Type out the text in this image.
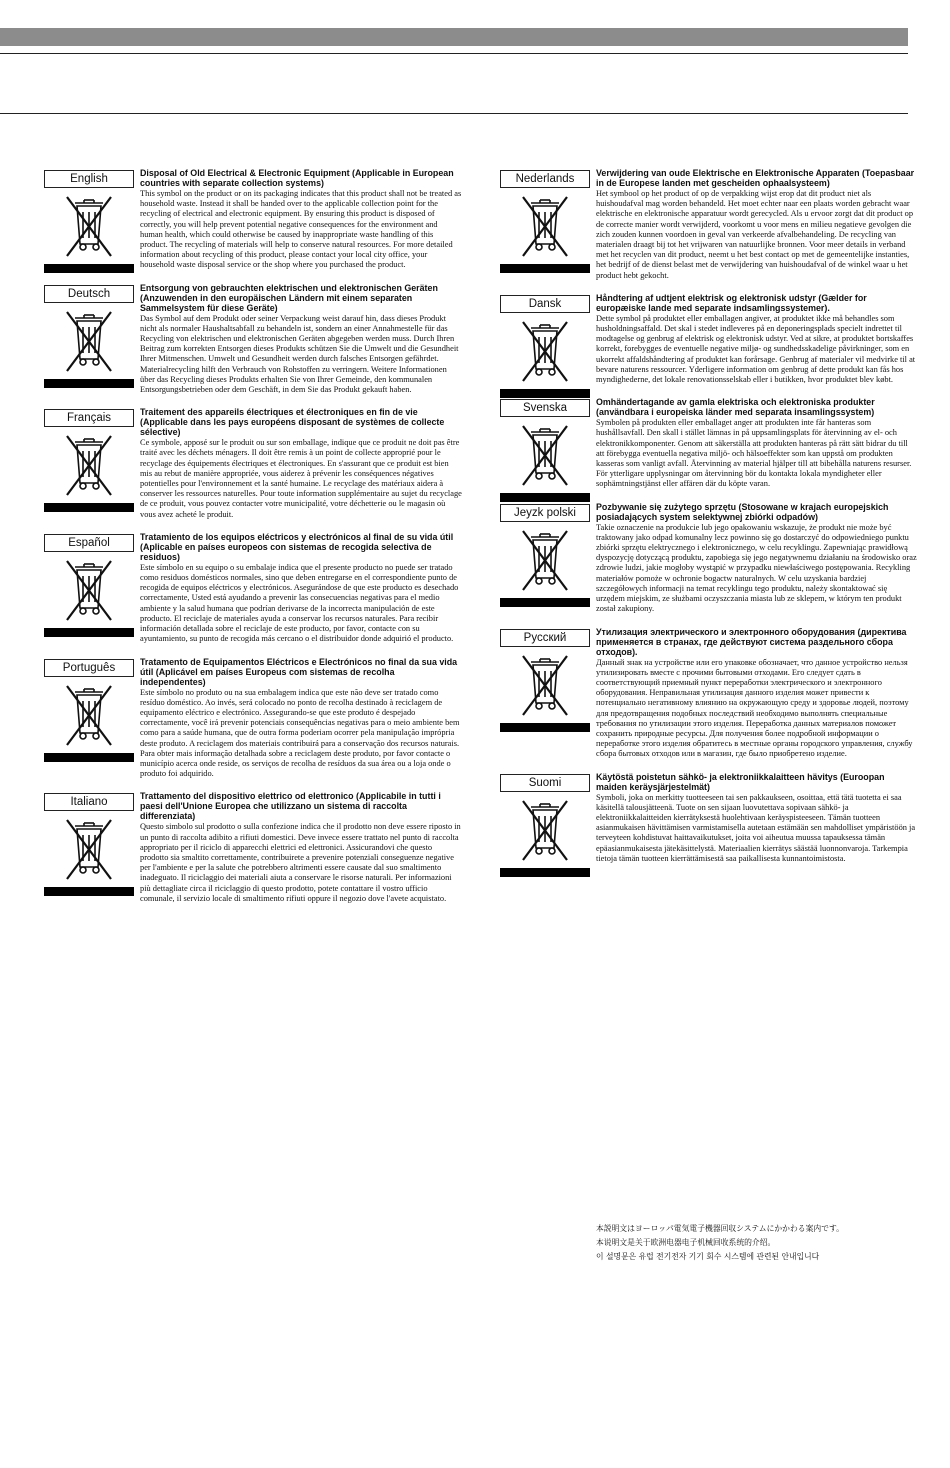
English	Disposal of Old Electrical & Electronic Equipment (Applicable in European countries with separate collection systems)

This symbol on the product or on its packaging indicates that this product shall not be treated as household waste. Instead it shall be handed over to the applicable collection point for the recycling of electrical and electronic equipment. By ensuring this product is disposed of correctly, you will help prevent potential negative consequences for the environment and human health, which could otherwise be caused by inappropriate waste handling of this product. The recycling of materials will help to conserve natural resources. For more detailed information about recycling of this product, please contact your local city office, your household waste disposal service or the shop where you purchased the product.

Deutsch	Entsorgung von gebrauchten elektrischen und elektronischen Geräten (Anzuwenden in den europäischen Ländern mit einem separaten Sammelsystem für diese Geräte)

Das Symbol auf dem Produkt oder seiner Verpackung weist darauf hin, dass dieses Produkt nicht als normaler Haushaltsabfall zu behandeln ist, sondern an einer Annahmestelle für das Recycling von elektrischen und elektronischen Geräten abgegeben werden muss. Durch Ihren Beitrag zum korrekten Entsorgen dieses Produkts schützen Sie die Umwelt und die Gesundheit Ihrer Mitmenschen. Umwelt und Gesundheit werden durch falsches Entsorgen gefährdet. Materialrecycling hilft den Verbrauch von Rohstoffen zu verringern. Weitere Informationen über das Recycling dieses Produkts erhalten Sie von Ihrer Gemeinde, den kommunalen Entsorgungsbetrieben oder dem Geschäft, in dem Sie das Produkt gekauft haben.

Français	Traitement des appareils électriques et électroniques en fin de vie (Applicable dans les pays européens disposant de systèmes de collecte sélective)

Ce symbole, apposé sur le produit ou sur son emballage, indique que ce produit ne doit pas être traité avec les déchets ménagers. Il doit être remis à un point de collecte approprié pour le recyclage des équipements électriques et électroniques. En s'assurant que ce produit est bien mis au rebut de manière appropriée, vous aiderez à prévenir les conséquences négatives potentielles pour l'environnement et la santé humaine. Le recyclage des matériaux aidera à conserver les ressources naturelles. Pour toute information supplémentaire au sujet du recyclage de ce produit, vous pouvez contacter votre municipalité, votre déchetterie ou le magasin où vous avez acheté le produit.

Español	Tratamiento de los equipos eléctricos y electrónicos al final de su vida útil (Aplicable en países europeos con sistemas de recogida selectiva de residuos)

Este símbolo en su equipo o su embalaje indica que el presente producto no puede ser tratado como residuos domésticos normales, sino que deben entregarse en el correspondiente punto de recogida de equipos eléctricos y electrónicos. Asegurándose de que este producto es desechado correctamente, Usted está ayudando a prevenir las consecuencias negativas para el medio ambiente y la salud humana que podrían derivarse de la incorrecta manipulación de este producto. El reciclaje de materiales ayuda a conservar los recursos naturales. Para recibir información detallada sobre el reciclaje de este producto, por favor, contacte con su ayuntamiento, su punto de recogida más cercano o el distribuidor donde adquirió el producto.

Português	Tratamento de Equipamentos Eléctricos e Electrónicos no final da sua vida útil (Aplicável em países Europeus com sistemas de recolha independentes)

Este símbolo no produto ou na sua embalagem indica que este não deve ser tratado como resíduo doméstico. Ao invés, será colocado no ponto de recolha destinado à reciclagem de equipamento eléctrico e electrónico. Assegurando-se que este produto é despejado correctamente, você irá prevenir potenciais consequências negativas para o meio ambiente bem como para a saúde humana, que de outra forma poderiam ocorrer pela manipulação imprópria deste produto. A reciclagem dos materiais contribuirá para a conservação dos recursos naturais. Para obter mais informação detalhada sobre a reciclagem deste produto, por favor contacte o município acerca onde reside, os serviços de recolha de resíduos da sua área ou a loja onde o produto foi adquirido.

Italiano	Trattamento del dispositivo elettrico od elettronico (Applicabile in tutti i paesi dell'Unione Europea che utilizzano un sistema di raccolta differenziata)

Questo simbolo sul prodotto o sulla confezione indica che il prodotto non deve essere riposto in un punto di raccolta adibito a rifiuti domestici. Deve invece essere trattato nel punto di raccolta appropriato per il riciclo di apparecchi elettrici ed elettronici. Assicurandovi che questo prodotto sia smaltito correttamente, contribuirete a prevenire potenziali conseguenze negative per l'ambiente e per la salute che potrebbero altrimenti essere causate dal suo smaltimento inadeguato. Il riciclaggio dei materiali aiuta a conservare le risorse naturali. Per informazioni più dettagliate circa il riciclaggio di questo prodotto, potete contattare il vostro ufficio comunale, il servizio locale di smaltimento rifiuti oppure il negozio dove l'avete acquistato.

Nederlands	Verwijdering van oude Elektrische en Elektronische Apparaten (Toepasbaar in de Europese landen met gescheiden ophaalsysteem)

Het symbool op het product of op de verpakking wijst erop dat dit product niet als huishoudafval mag worden behandeld. Het moet echter naar een plaats worden gebracht waar elektrische en elektronische apparatuur wordt gerecycled. Als u ervoor zorgt dat dit product op de correcte manier wordt verwijderd, voorkomt u voor mens en milieu negatieve gevolgen die zich zouden kunnen voordoen in geval van verkeerde afvalbehandeling. De recycling van materialen draagt bij tot het vrijwaren van natuurlijke bronnen. Voor meer details in verband met het recyclen van dit product, neemt u het best contact op met de gemeentelijke instanties, het bedrijf of de dienst belast met de verwijdering van huishoudafval of de winkel waar u het product hebt gekocht.

Dansk	Håndtering af udtjent elektrisk og elektronisk udstyr (Gælder for europæiske lande med separate indsamlingssystemer).

Dette symbol på produktet eller emballagen angiver, at produktet ikke må behandles som husholdningsaffald. Det skal i stedet indleveres på en deponeringsplads specielt indrettet til modtagelse og genbrug af elektrisk og elektronisk udstyr. Ved at sikre, at produktet bortskaffes korrekt, forebygges de eventuelle negative miljø- og sundhedsskadelige påvirkninger, som en ukorrekt affaldshåndtering af produktet kan forårsage. Genbrug af materialer vil medvirke til at bevare naturens ressourcer. Yderligere information om genbrug af dette produkt kan fås hos myndighederne, det lokale renovationsselskab eller i butikken, hvor produktet blev købt.

Svenska	Omhändertagande av gamla elektriska och elektroniska produkter (användbara i europeiska länder med separata insamlingssystem)

Symbolen på produkten eller emballaget anger att produkten inte får hanteras som hushållsavfall. Den skall i stället lämnas in på uppsamlingsplats för återvinning av el- och elektronikkomponenter. Genom att säkerställa att produkten hanteras på rätt sätt bidrar du till att förebygga eventuella negativa miljö- och hälsoeffekter som kan uppstå om produkten kasseras som vanligt avfall. Återvinning av material hjälper till att bibehålla naturens resurser. För ytterligare upplysningar om återvinning bör du kontakta lokala myndigheter eller sophämtningstjänst eller affären där du köpte varan.

Jeyzk polski	Pozbywanie się zużytego sprzętu (Stosowane w krajach europejskich posiadających system selektywnej zbiórki odpadów)

Takie oznaczenie na produkcie lub jego opakowaniu wskazuje, że produkt nie może być traktowany jako odpad komunalny lecz powinno się go dostarczyć do odpowiedniego punktu zbiórki sprzętu elektrycznego i elektronicznego, w celu recyklingu. Zapewniając prawidłową dyspozycję dotyczącą produktu, zapobiega się jego negatywnemu działaniu na środowisko oraz zdrowie ludzi, jakie mogłoby wystąpić w przypadku niewłaściwego postępowania. Recykling materiałów pomoże w ochronie bogactw naturalnych. W celu uzyskania bardziej szczegółowych informacji na temat recyklingu tego produktu, należy skontaktować się urzędem miejskim, ze służbami oczyszczania miasta lub ze sklepem, w którym ten produkt został zakupiony.

Русский	Утилизация электрического и электронного оборудования (директива применяется в странах, где действуют система раздельного сбора отходов).

Данный знак на устройстве или его упаковке обозначает, что данное устройство нельзя утилизировать вместе с прочими бытовыми отходами. Его следует сдать в соответствующий приемный пункт переработки электрического и электронного оборудования. Неправильная утилизация данного изделия может привести к потенциально негативному влиянию на окружающую среду и здоровье людей, поэтому для предотвращения подобных последствий необходимо выполнять специальные требования по утилизации этого изделия. Переработка данных материалов поможет сохранить природные ресурсы. Для получения более подробной информации о переработке этого изделия обратитесь в местные органы городского управления, службу сбора бытовых отходов или в магазин, где было приобретено изделие.

Suomi	Käytöstä poistetun sähkö- ja elektroniikkalaitteen hävitys (Euroopan maiden keräysjärjestelmät)

Symboli, joka on merkitty tuotteeseen tai sen pakkaukseen, osoittaa, että tätä tuotetta ei saa käsitellä talousjätteenä. Tuote on sen sijaan luovutettava sopivaan sähkö- ja elektroniikkalaitteiden kierrätyksestä huolehtivaan keräyspisteeseen. Tämän tuotteen asianmukaisen hävittämisen varmistamisella autetaan estämään sen mahdolliset ympäristöön ja terveyteen kohdistuvat haittavaikutukset, joita voi aiheutua muussa tapauksessa tämän epäasianmukaisesta jätekäsittelystä. Materiaalien kierrätys säästää luonnonvaroja. Tarkempia tietoja tämän tuotteen kierrättämisestä saa paikallisesta kunnantoimistosta.

本説明文はヨーロッパ電気電子機器回収システムにかかわる案内です。
本说明文是关于欧洲电器电子机械回收系统的介绍。
이 설명문은 유럽 전기전자 기기 회수 시스템에 관련된 안내입니다
